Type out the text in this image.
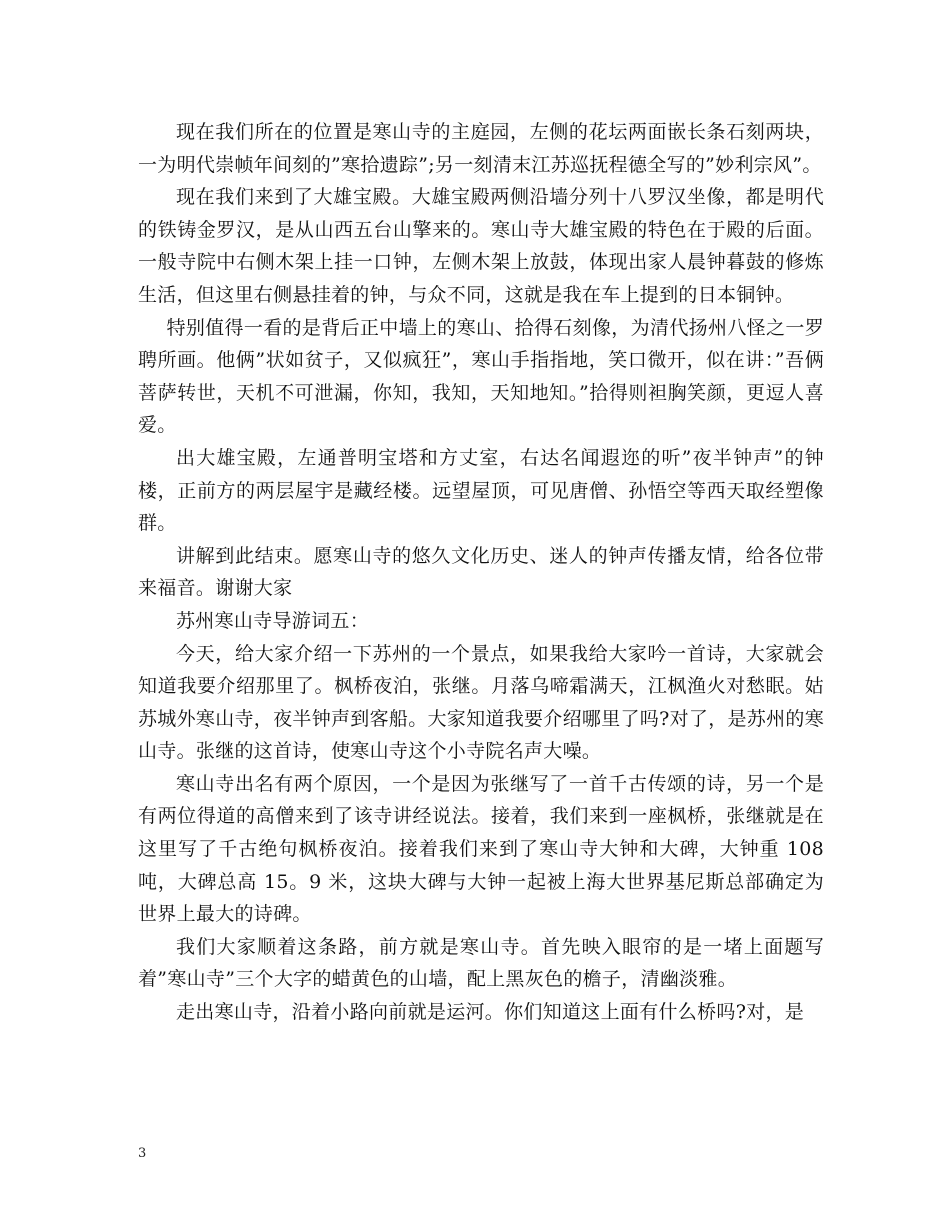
现在我们所在的位置是寒山寺的主庭园，左侧的花坛两面嵌长条石刻两块，一为明代崇帧年间刻的”寒拾遗踪”;另一刻清末江苏巡抚程德全写的”妙利宗风”。

现在我们来到了大雄宝殿。大雄宝殿两侧沿墙分列十八罗汉坐像，都是明代的铁铸金罗汉，是从山西五台山擎来的。寒山寺大雄宝殿的特色在于殿的后面。一般寺院中右侧木架上挂一口钟，左侧木架上放鼓，体现出家人晨钟暮鼓的修炼生活，但这里右侧悬挂着的钟，与众不同，这就是我在车上提到的日本铜钟。

特别值得一看的是背后正中墙上的寒山、拾得石刻像，为清代扬州八怪之一罗聘所画。他俩”状如贫子，又似疯狂”，寒山手指指地，笑口微开，似在讲：”吾俩菩萨转世，天机不可泄漏，你知，我知，天知地知。”拾得则袒胸笑颜，更逗人喜爱。

出大雄宝殿，左通普明宝塔和方丈室，右达名闻遐迩的听”夜半钟声”的钟楼，正前方的两层屋宇是藏经楼。远望屋顶，可见唐僧、孙悟空等西天取经塑像群。

讲解到此结束。愿寒山寺的悠久文化历史、迷人的钟声传播友情，给各位带来福音。谢谢大家

苏州寒山寺导游词五：

今天，给大家介绍一下苏州的一个景点，如果我给大家吟一首诗，大家就会知道我要介绍那里了。枫桥夜泊，张继。月落乌啼霜满天，江枫渔火对愁眠。姑苏城外寒山寺，夜半钟声到客船。大家知道我要介绍哪里了吗?对了，是苏州的寒山寺。张继的这首诗，使寒山寺这个小寺院名声大噪。

寒山寺出名有两个原因，一个是因为张继写了一首千古传颂的诗，另一个是有两位得道的高僧来到了该寺讲经说法。接着，我们来到一座枫桥，张继就是在这里写了千古绝句枫桥夜泊。接着我们来到了寒山寺大钟和大碑，大钟重 108 吨，大碑总高 15。9 米，这块大碑与大钟一起被上海大世界基尼斯总部确定为世界上最大的诗碑。

我们大家顺着这条路，前方就是寒山寺。首先映入眼帘的是一堵上面题写着”寒山寺”三个大字的蜡黄色的山墙，配上黑灰色的檐子，清幽淡雅。

走出寒山寺，沿着小路向前就是运河。你们知道这上面有什么桥吗?对，是

3
